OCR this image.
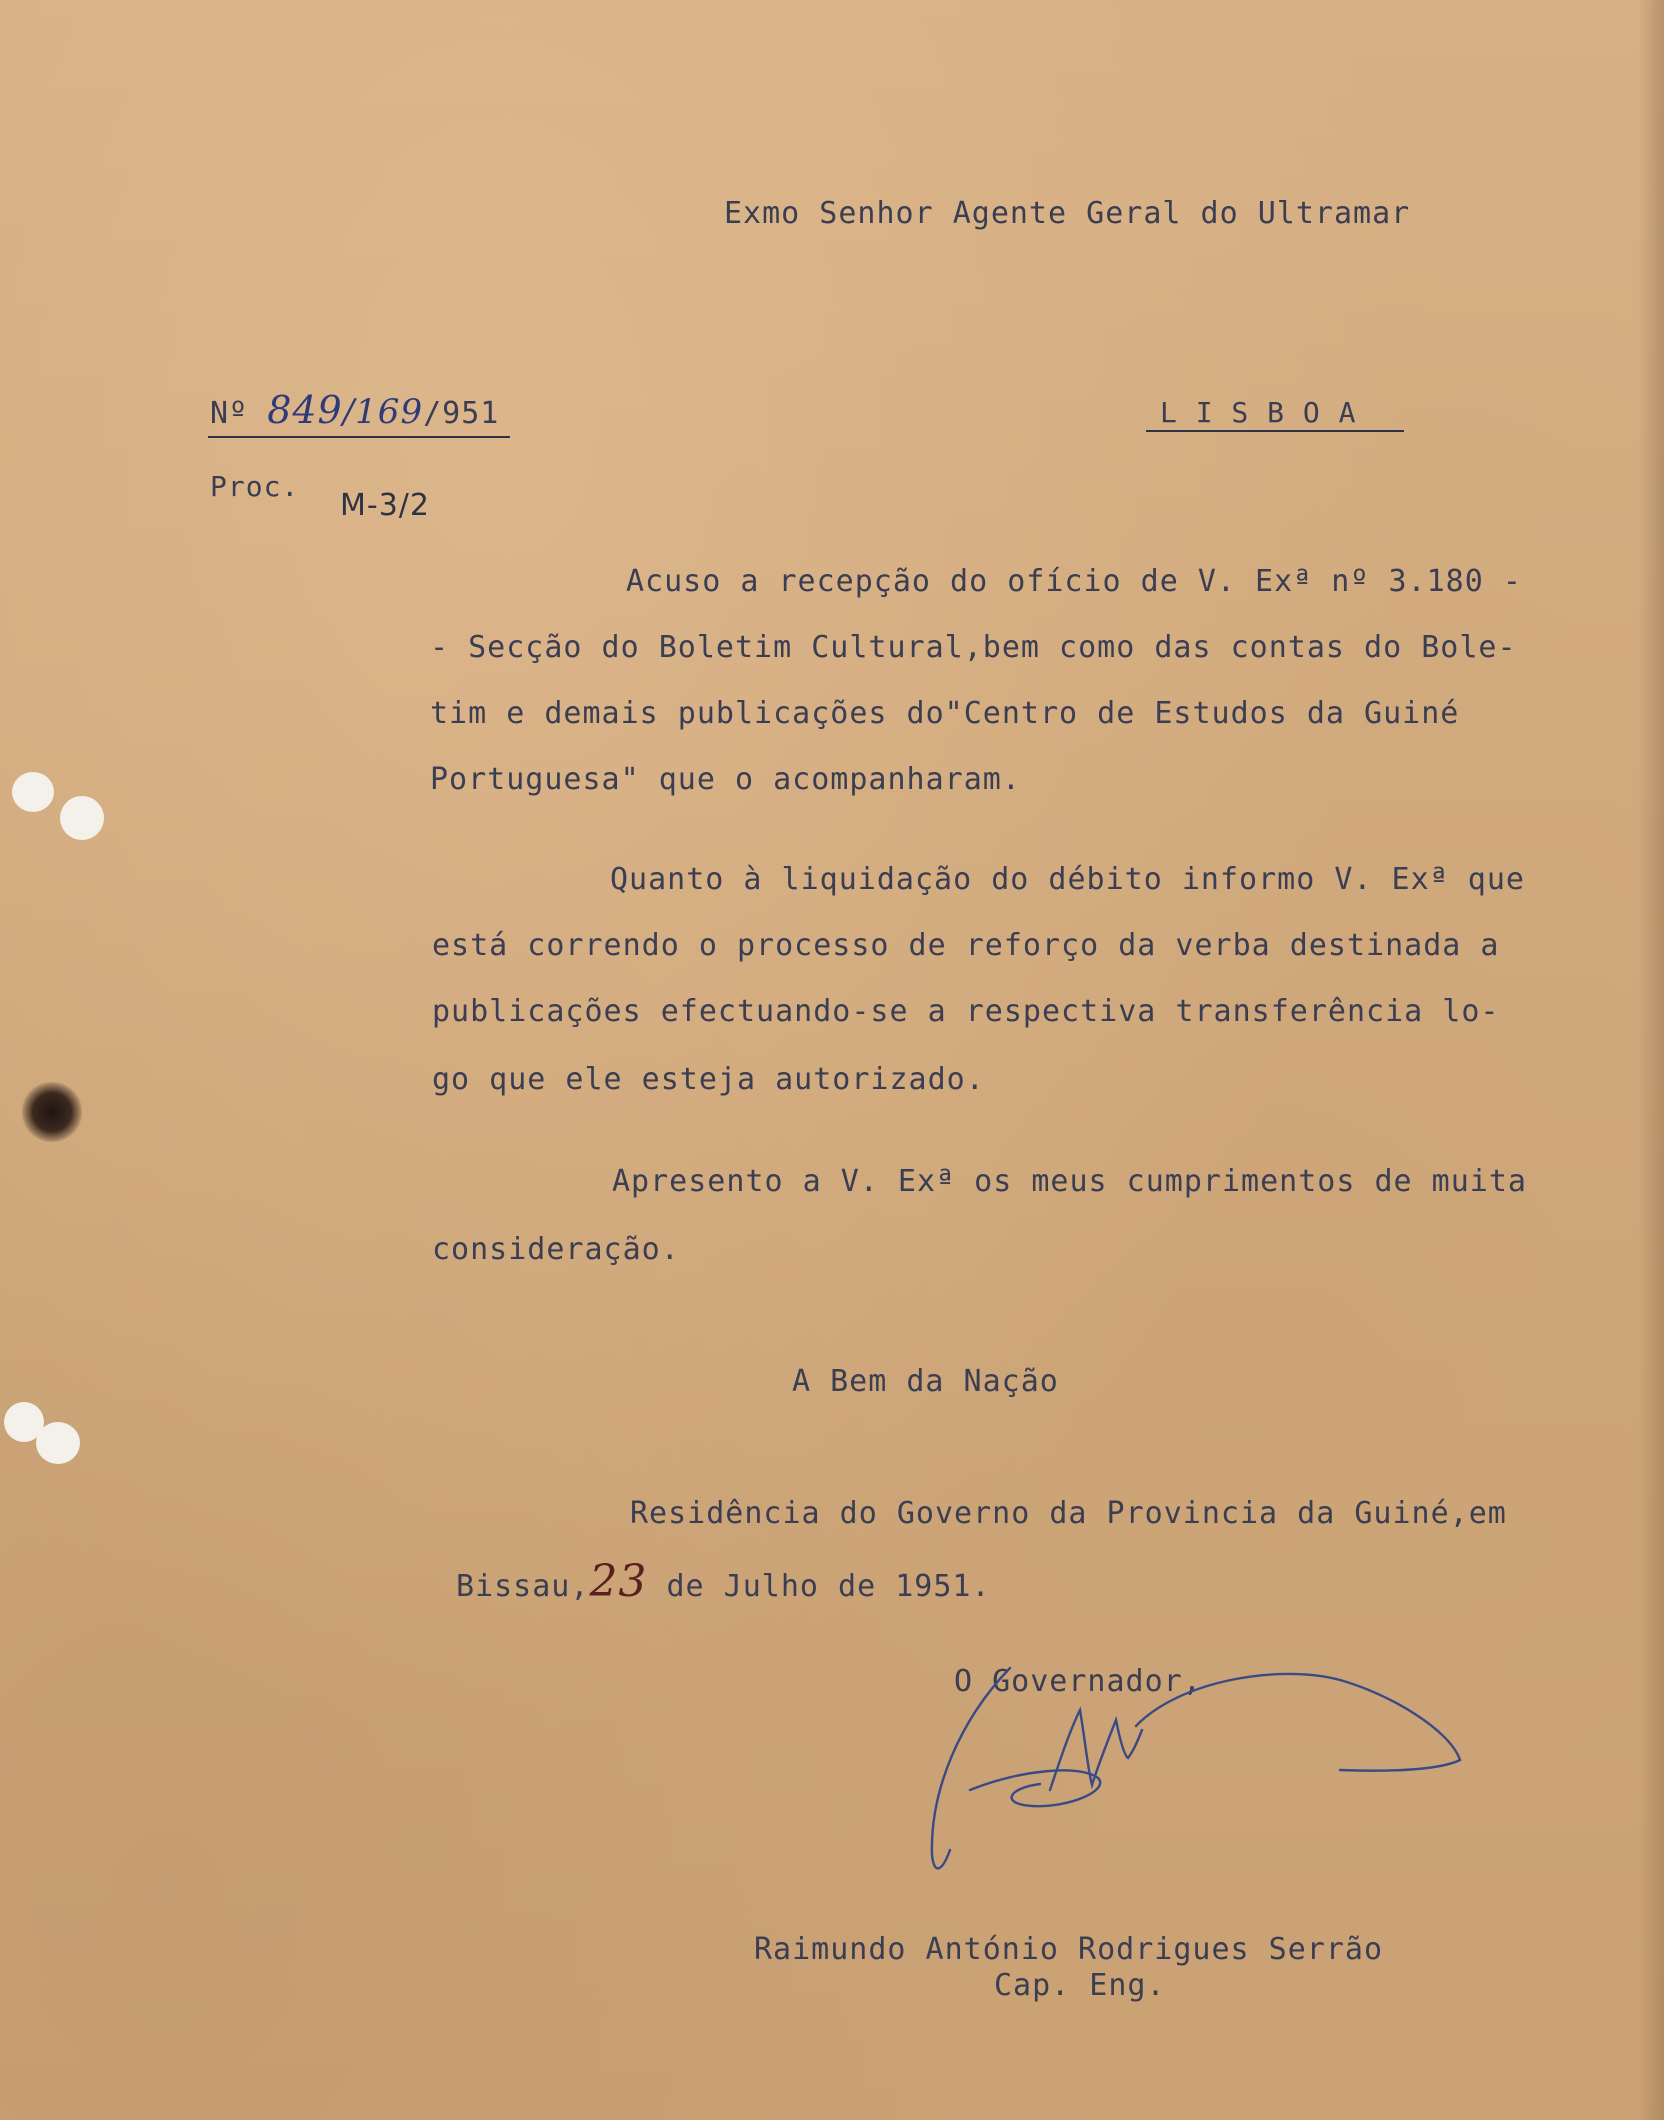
Exmo Senhor Agente Geral do Ultramar
Nº 849/169/951	L I S B O A
Proc.
M-3/2
Acuso a recepção do ofício de V. Exª nº 3.180 -
- Secção do Boletim Cultural,bem como das contas do Bole-
tim e demais publicações do"Centro de Estudos da Guiné
Portuguesa" que o acompanharam.
Quanto à liquidação do débito informo V. Exª que
está correndo o processo de reforço da verba destinada a
publicações efectuando-se a respectiva transferência lo-
go que ele esteja autorizado.
Apresento a V. Exª os meus cumprimentos de muita
consideração.
A Bem da Nação
Residência do Governo da Provincia da Guiné,em
Bissau,23 de Julho de 1951.
O Governador,
Raimundo António Rodrigues Serrão
Cap. Eng.
